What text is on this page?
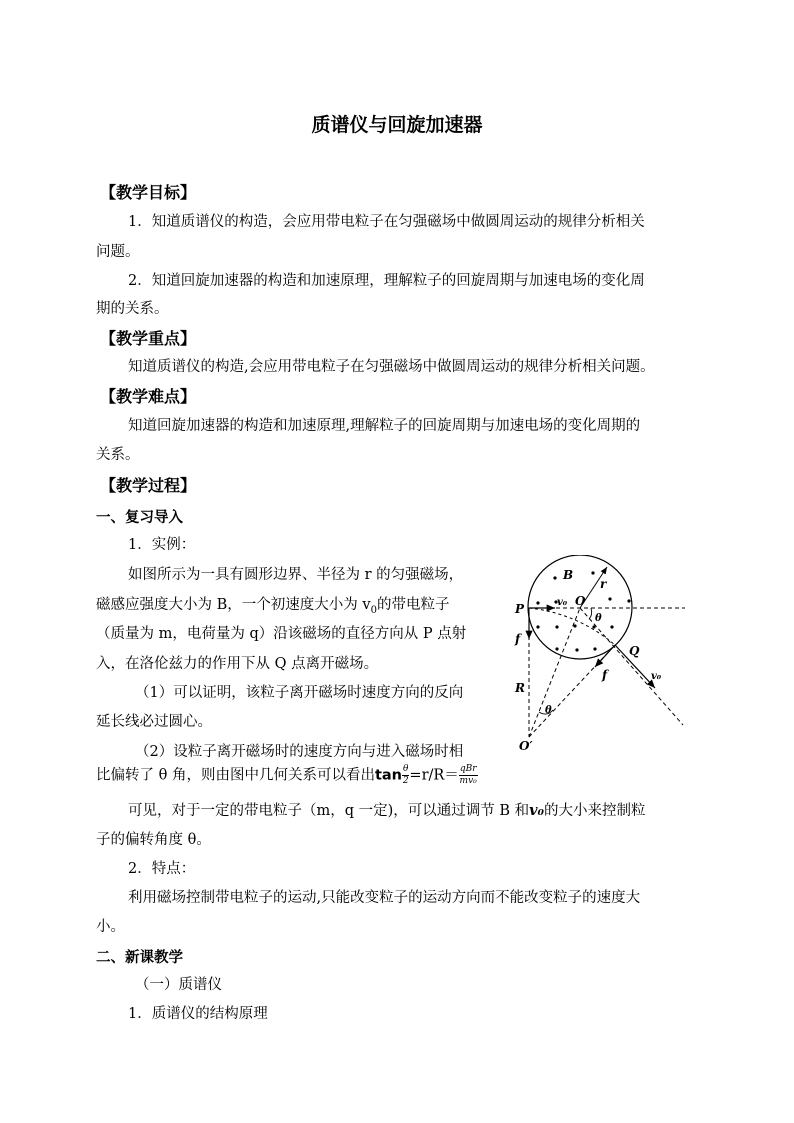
质谱仪与回旋加速器
【教学目标】
1．知道质谱仪的构造，会应用带电粒子在匀强磁场中做圆周运动的规律分析相关
问题。
2．知道回旋加速器的构造和加速原理，理解粒子的回旋周期与加速电场的变化周
期的关系。
【教学重点】
知道质谱仪的构造,会应用带电粒子在匀强磁场中做圆周运动的规律分析相关问题。
【教学难点】
知道回旋加速器的构造和加速原理,理解粒子的回旋周期与加速电场的变化周期的
关系。
【教学过程】
一、复习导入
1．实例：
如图所示为一具有圆形边界、半径为 r 的匀强磁场，
磁感应强度大小为 B，一个初速度大小为 $v_0$的带电粒子
（质量为 m，电荷量为 q）沿该磁场的直径方向从 P 点射
入，在洛伦兹力的作用下从 Q 点离开磁场。
（1）可以证明，该粒子离开磁场时速度方向的反向
延长线必过圆心。
（2）设粒子离开磁场时的速度方向与进入磁场时相
比偏转了 θ 角，则由图中几何关系可以看出$\tan \frac{\theta}{2} =r/R= \frac{\text{qBr}}{\text{mv₀}}$
可见，对于一定的带电粒子（m，q 一定)，可以通过调节 B 和v₀的大小来控制粒
子的偏转角度 θ。
2．特点：
利用磁场控制带电粒子的运动,只能改变粒子的运动方向而不能改变粒子的速度大
小。
二、新课教学
（一）质谱仪
1．质谱仪的结构原理
B
r
P	v₀ O
θ
f
Q
v₀
f
R
θ
O′
